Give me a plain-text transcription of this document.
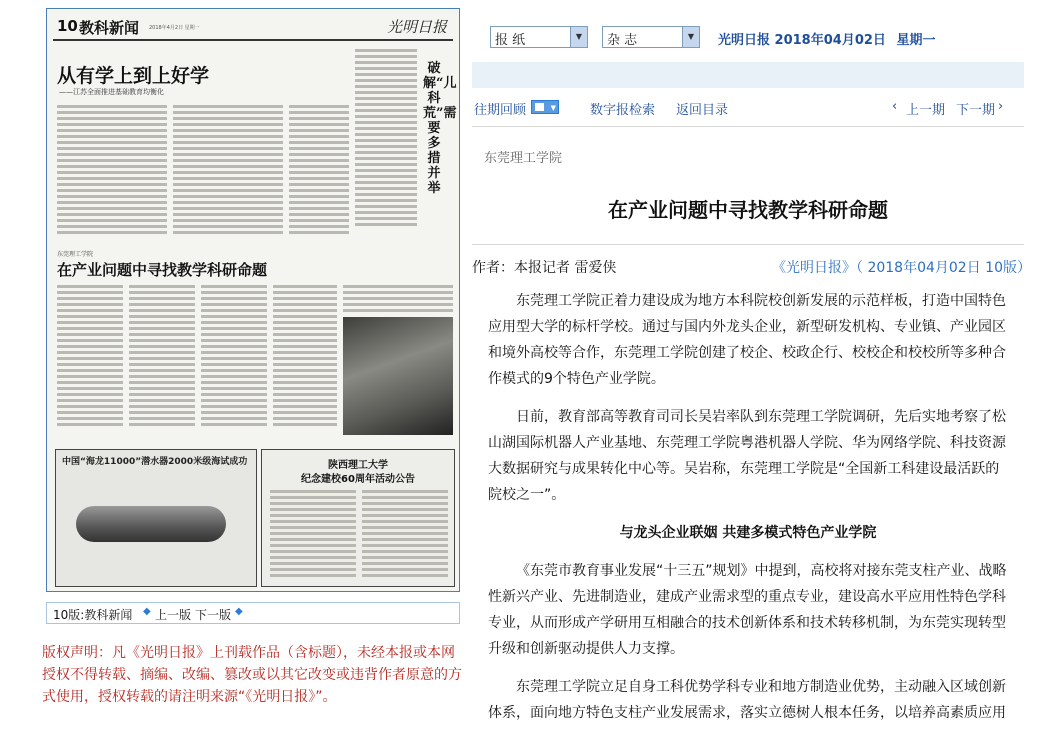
10 教科新闻 2018年4月2日 星期一	光明日报
从有学上到上好学
——江苏全面推进基础教育均衡化
破解“儿科荒”需要多措并举
东莞理工学院
在产业问题中寻找教学科研命题
中国“海龙11000”潜水器2000米级海试成功	陕西理工大学
纪念建校60周年活动公告
10版:教科新闻 ◆ 上一版 下一版 ◆
版权声明：凡《光明日报》上刊载作品（含标题），未经本报或本网授权不得转载、摘编、改编、篡改或以其它改变或违背作者原意的方式使用，授权转载的请注明来源“《光明日报》”。
报 纸	▼	杂 志	▼	光明日报 2018年04月02日 星期一
往期回顾	▼	数字报检索 返回目录	‹ 上一期 下一期 ›
东莞理工学院
在产业问题中寻找教学科研命题
作者：本报记者 雷爱侠	《光明日报》（ 2018年04月02日 10版）

东莞理工学院正着力建设成为地方本科院校创新发展的示范样板，打造中国特色应用型大学的标杆学校。通过与国内外龙头企业，新型研发机构、专业镇、产业园区和境外高校等合作，东莞理工学院创建了校企、校政企行、校校企和校校所等多种合作模式的9个特色产业学院。

日前，教育部高等教育司司长吴岩率队到东莞理工学院调研，先后实地考察了松山湖国际机器人产业基地、东莞理工学院粤港机器人学院、华为网络学院、科技资源大数据研究与成果转化中心等。吴岩称，东莞理工学院是“全国新工科建设最活跃的院校之一”。

与龙头企业联姻 共建多模式特色产业学院

《东莞市教育事业发展“十三五”规划》中提到，高校将对接东莞支柱产业、战略性新兴产业、先进制造业，建成产业需求型的重点专业，建设高水平应用性特色学科专业，从而形成产学研用互相融合的技术创新体系和技术转移机制，为东莞实现转型升级和创新驱动提供人力支撑。

东莞理工学院立足自身工科优势学科专业和地方制造业优势，主动融入区域创新体系，面向地方特色支柱产业发展需求，落实立德树人根本任务，以培养高素质应用
